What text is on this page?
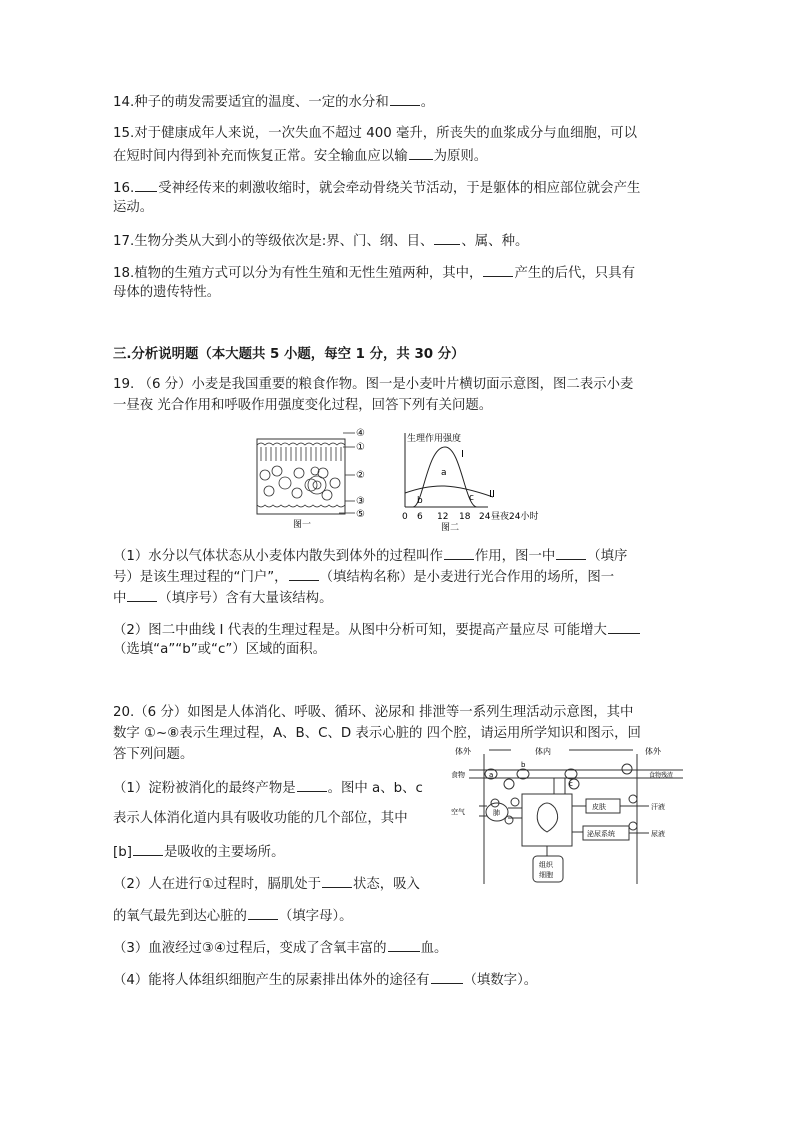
14.种子的萌发需要适宜的温度、一定的水分和 。
15.对于健康成年人来说，一次失血不超过 400 毫升，所丧失的血浆成分与血细胞，可以
在短时间内得到补充而恢复正常。安全输血应以输 为原则。
16. 受神经传来的刺激收缩时，就会牵动骨绕关节活动，于是躯体的相应部位就会产生
运动。
17.生物分类从大到小的等级依次是:界、门、纲、目、 、属、种。
18.植物的生殖方式可以分为有性生殖和无性生殖两种，其中， 产生的后代，只具有
母体的遗传特性。
三.分析说明题（本大题共 5 小题，每空 1 分，共 30 分）
19. （6 分）小麦是我国重要的粮食作物。图一是小麦叶片横切面示意图，图二表示小麦
一昼夜 光合作用和呼吸作用强度变化过程，回答下列有关问题。
④
①
②
③
⑤
图一
生理作用强度
I
II
a
b	c
0 6 12 18 24 昼夜24小时
图二
（1）水分以气体状态从小麦体内散失到体外的过程叫作 作用，图一中 （填序
号）是该生理过程的“门户”， （填结构名称）是小麦进行光合作用的场所，图一
中 （填序号）含有大量该结构。
（2）图二中曲线 I 代表的生理过程是。从图中分析可知，要提高产量应尽 可能增大
（选填“a”“b”或“c”）区域的面积。
20.（6 分）如图是人体消化、呼吸、循环、泌尿和 排泄等一系列生理活动示意图，其中
数字 ①~⑧表示生理过程，A、B、C、D 表示心脏的 四个腔，请运用所学知识和图示，回
答下列问题。
（1）淀粉被消化的最终产物是 。图中 a、b、c
表示人体消化道内具有吸收功能的几个部位，其中
[b] 是吸收的主要场所。
（2）人在进行①过程时，膈肌处于 状态，吸入
的氧气最先到达心脏的 （填字母）。
（3）血液经过③④过程后，变成了含氧丰富的	血。
（4）能将人体组织细胞产生的尿素排出体外的途径有	（填数字）。
体外	体内	体外
食物	食物残渣
空气	肺
皮肤
泌尿系统
汗液
尿液
组织
细胞
a
b
c
